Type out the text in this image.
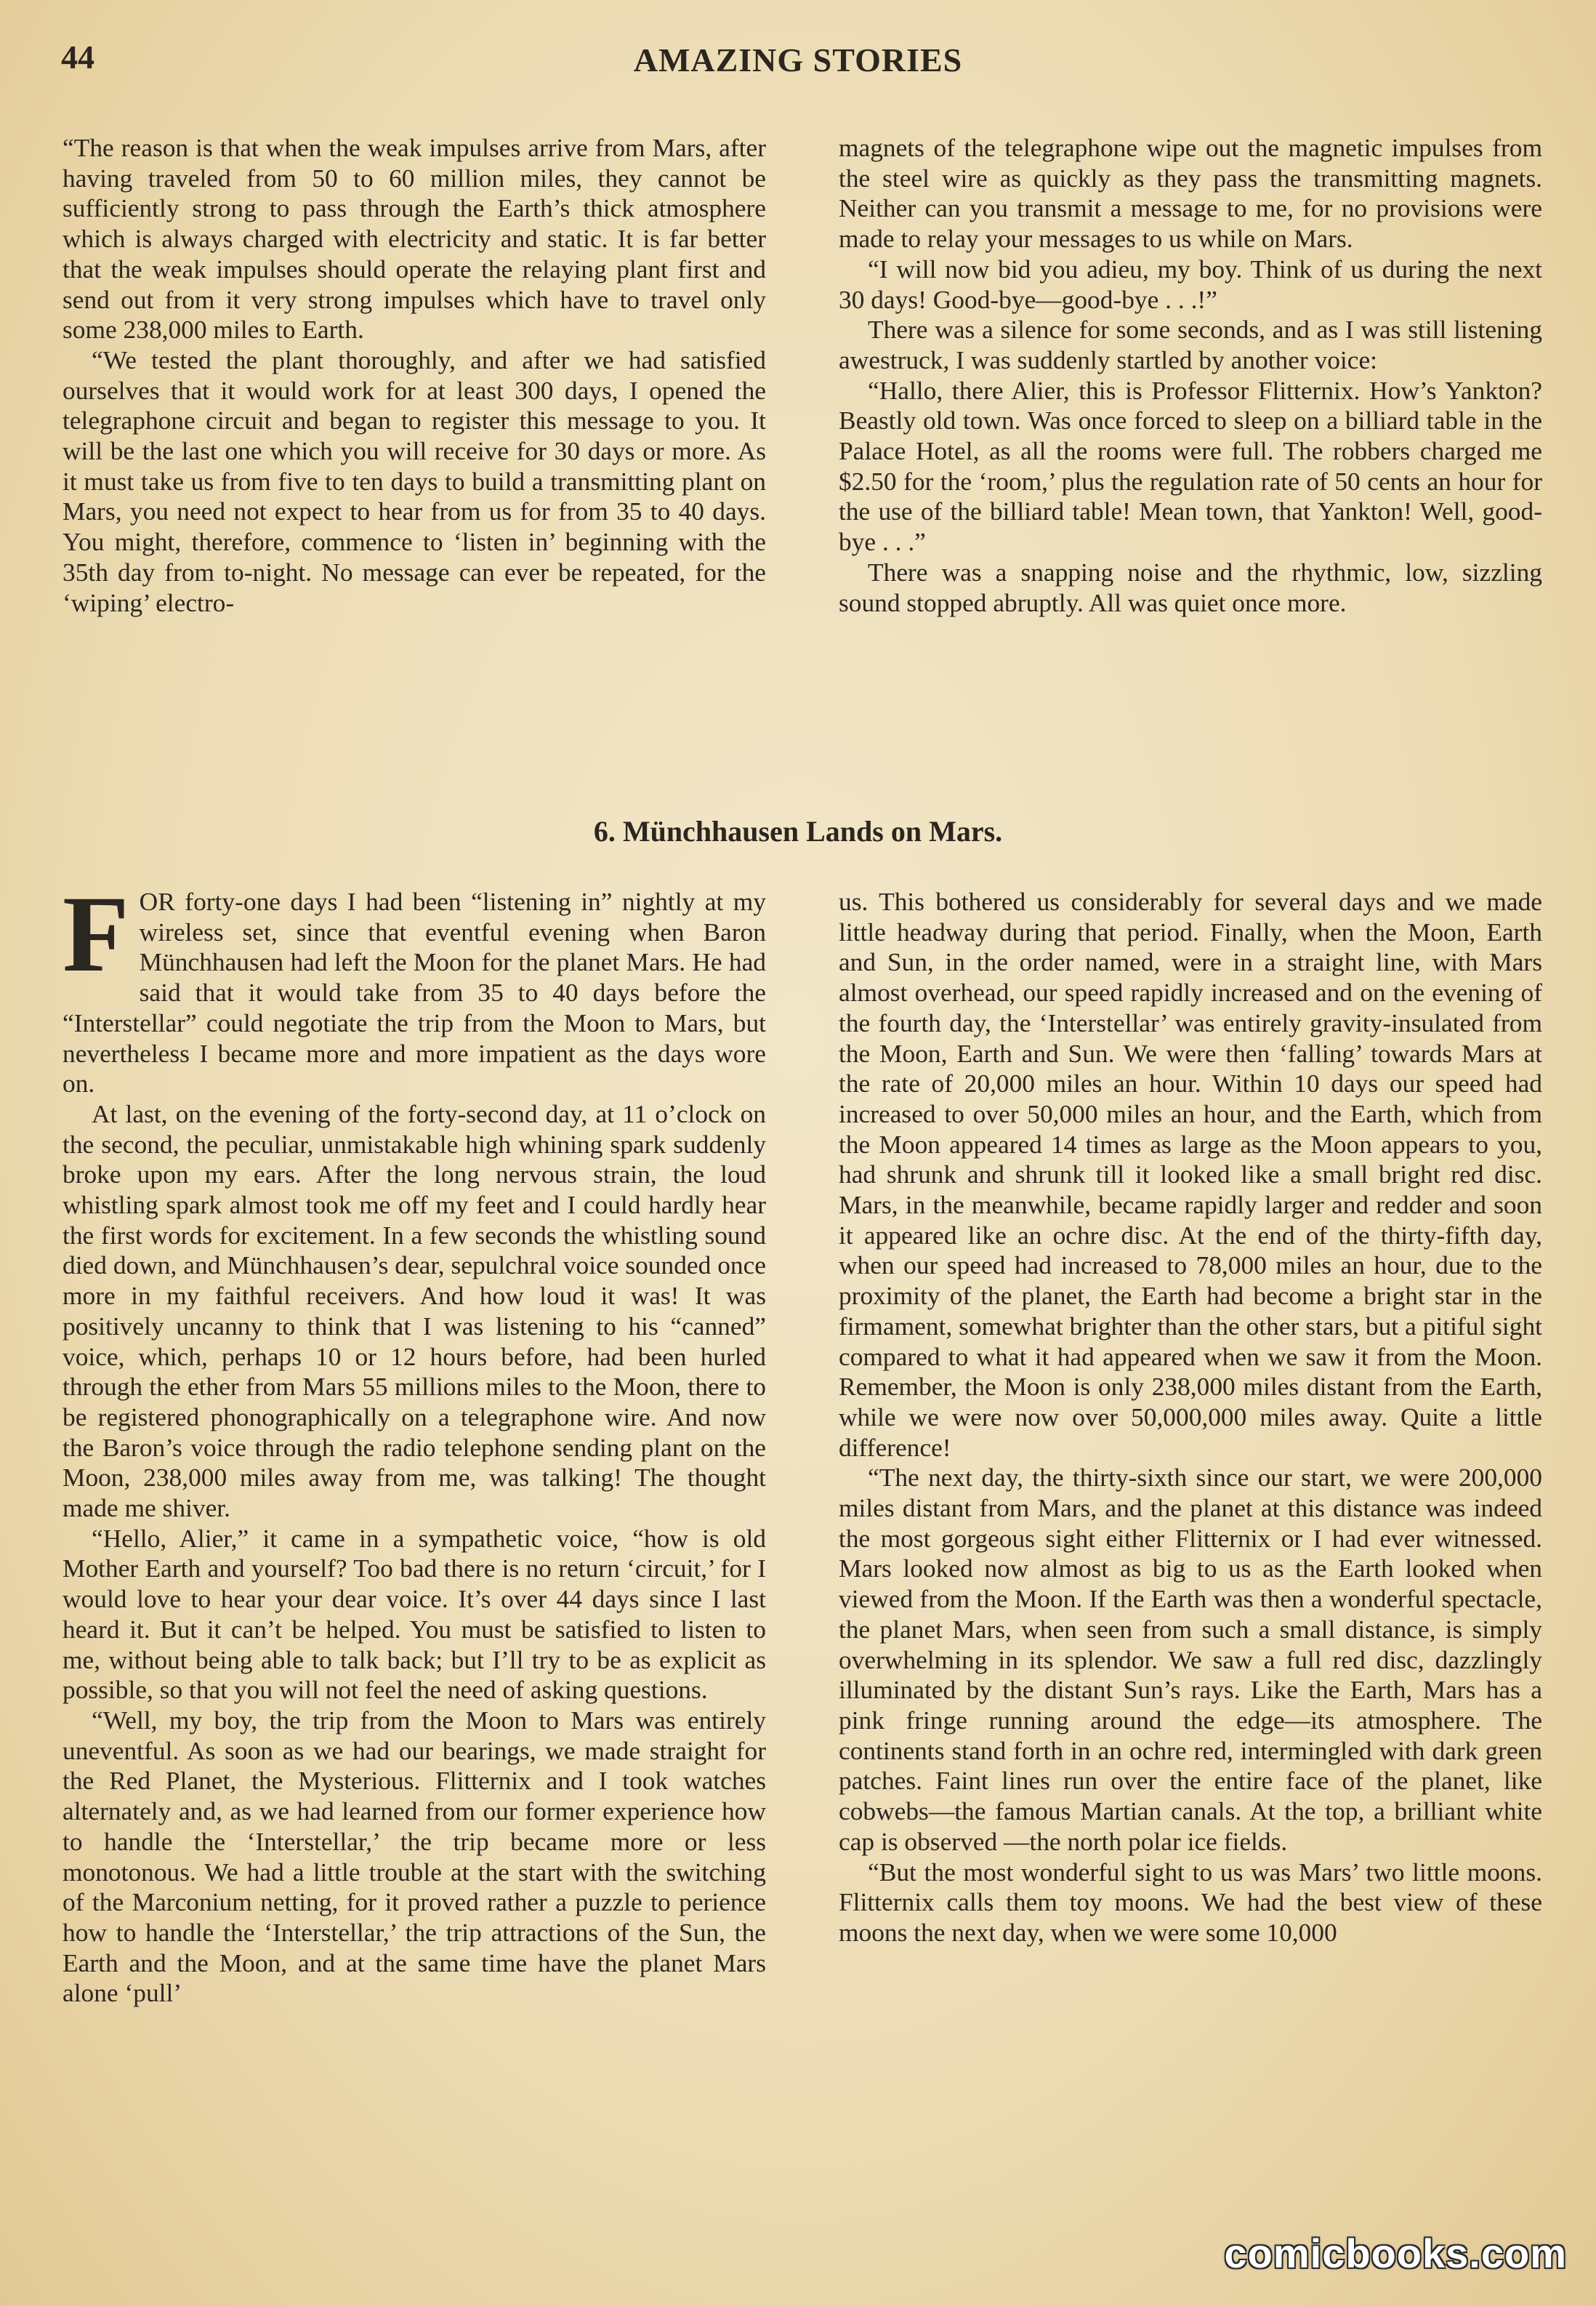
44	AMAZING STORIES

“The reason is that when the weak impulses arrive from Mars, after having traveled from 50 to 60 million miles, they cannot be sufficiently strong to pass through the Earth’s thick atmosphere which is always charged with electricity and static. It is far better that the weak impulses should operate the relaying plant first and send out from it very strong impulses which have to travel only some 238,000 miles to Earth.

“We tested the plant thoroughly, and after we had satisfied ourselves that it would work for at least 300 days, I opened the telegraphone circuit and began to register this message to you. It will be the last one which you will receive for 30 days or more. As it must take us from five to ten days to build a transmitting plant on Mars, you need not expect to hear from us for from 35 to 40 days. You might, therefore, commence to ‘listen in’ beginning with the 35th day from to-night. No message can ever be repeated, for the ‘wiping’ electro-

magnets of the telegraphone wipe out the magnetic impulses from the steel wire as quickly as they pass the transmitting magnets. Neither can you transmit a message to me, for no provisions were made to relay your messages to us while on Mars.

“I will now bid you adieu, my boy. Think of us during the next 30 days! Good-bye—good-bye . . .!”

There was a silence for some seconds, and as I was still listening awestruck, I was suddenly startled by another voice:

“Hallo, there Alier, this is Professor Flitternix. How’s Yankton? Beastly old town. Was once forced to sleep on a billiard table in the Palace Hotel, as all the rooms were full. The robbers charged me $2.50 for the ‘room,’ plus the regulation rate of 50 cents an hour for the use of the billiard table! Mean town, that Yankton! Well, good-bye . . .”

There was a snapping noise and the rhythmic, low, sizzling sound stopped abruptly. All was quiet once more.

6. Münchhausen Lands on Mars.

FOR forty-one days I had been “listening in” nightly at my wireless set, since that eventful evening when Baron Münchhausen had left the Moon for the planet Mars. He had said that it would take from 35 to 40 days before the “Interstellar” could negotiate the trip from the Moon to Mars, but nevertheless I became more and more impatient as the days wore on.

At last, on the evening of the forty-second day, at 11 o’clock on the second, the peculiar, unmistakable high whining spark suddenly broke upon my ears. After the long nervous strain, the loud whistling spark almost took me off my feet and I could hardly hear the first words for excitement. In a few seconds the whistling sound died down, and Münchhausen’s dear, sepulchral voice sounded once more in my faithful receivers. And how loud it was! It was positively uncanny to think that I was listening to his “canned” voice, which, perhaps 10 or 12 hours before, had been hurled through the ether from Mars 55 millions miles to the Moon, there to be registered phonographically on a telegraphone wire. And now the Baron’s voice through the radio telephone sending plant on the Moon, 238,000 miles away from me, was talking! The thought made me shiver.

“Hello, Alier,” it came in a sympathetic voice, “how is old Mother Earth and yourself? Too bad there is no return ‘circuit,’ for I would love to hear your dear voice. It’s over 44 days since I last heard it. But it can’t be helped. You must be satisfied to listen to me, without being able to talk back; but I’ll try to be as explicit as possible, so that you will not feel the need of asking questions.

“Well, my boy, the trip from the Moon to Mars was entirely uneventful. As soon as we had our bearings, we made straight for the Red Planet, the Mysterious. Flitternix and I took watches alternately and, as we had learned from our former experience how to handle the ‘Interstellar,’ the trip became more or less monotonous. We had a little trouble at the start with the switching of the Marconium netting, for it proved rather a puzzle to perience how to handle the ‘Interstellar,’ the trip attractions of the Sun, the Earth and the Moon, and at the same time have the planet Mars alone ‘pull’

us. This bothered us considerably for several days and we made little headway during that period. Finally, when the Moon, Earth and Sun, in the order named, were in a straight line, with Mars almost overhead, our speed rapidly increased and on the evening of the fourth day, the ‘Interstellar’ was entirely gravity-insulated from the Moon, Earth and Sun. We were then ‘falling’ towards Mars at the rate of 20,000 miles an hour. Within 10 days our speed had increased to over 50,000 miles an hour, and the Earth, which from the Moon appeared 14 times as large as the Moon appears to you, had shrunk and shrunk till it looked like a small bright red disc. Mars, in the meanwhile, became rapidly larger and redder and soon it appeared like an ochre disc. At the end of the thirty-fifth day, when our speed had increased to 78,000 miles an hour, due to the proximity of the planet, the Earth had become a bright star in the firmament, somewhat brighter than the other stars, but a pitiful sight compared to what it had appeared when we saw it from the Moon. Remember, the Moon is only 238,000 miles distant from the Earth, while we were now over 50,000,000 miles away. Quite a little difference!

“The next day, the thirty-sixth since our start, we were 200,000 miles distant from Mars, and the planet at this distance was indeed the most gorgeous sight either Flitternix or I had ever witnessed. Mars looked now almost as big to us as the Earth looked when viewed from the Moon. If the Earth was then a wonderful spectacle, the planet Mars, when seen from such a small distance, is simply overwhelming in its splendor. We saw a full red disc, dazzlingly illuminated by the distant Sun’s rays. Like the Earth, Mars has a pink fringe running around the edge—its atmosphere. The continents stand forth in an ochre red, intermingled with dark green patches. Faint lines run over the entire face of the planet, like cobwebs—the famous Martian canals. At the top, a brilliant white cap is observed —the north polar ice fields.

“But the most wonderful sight to us was Mars’ two little moons. Flitternix calls them toy moons. We had the best view of these moons the next day, when we were some 10,000

comicbooks.com
